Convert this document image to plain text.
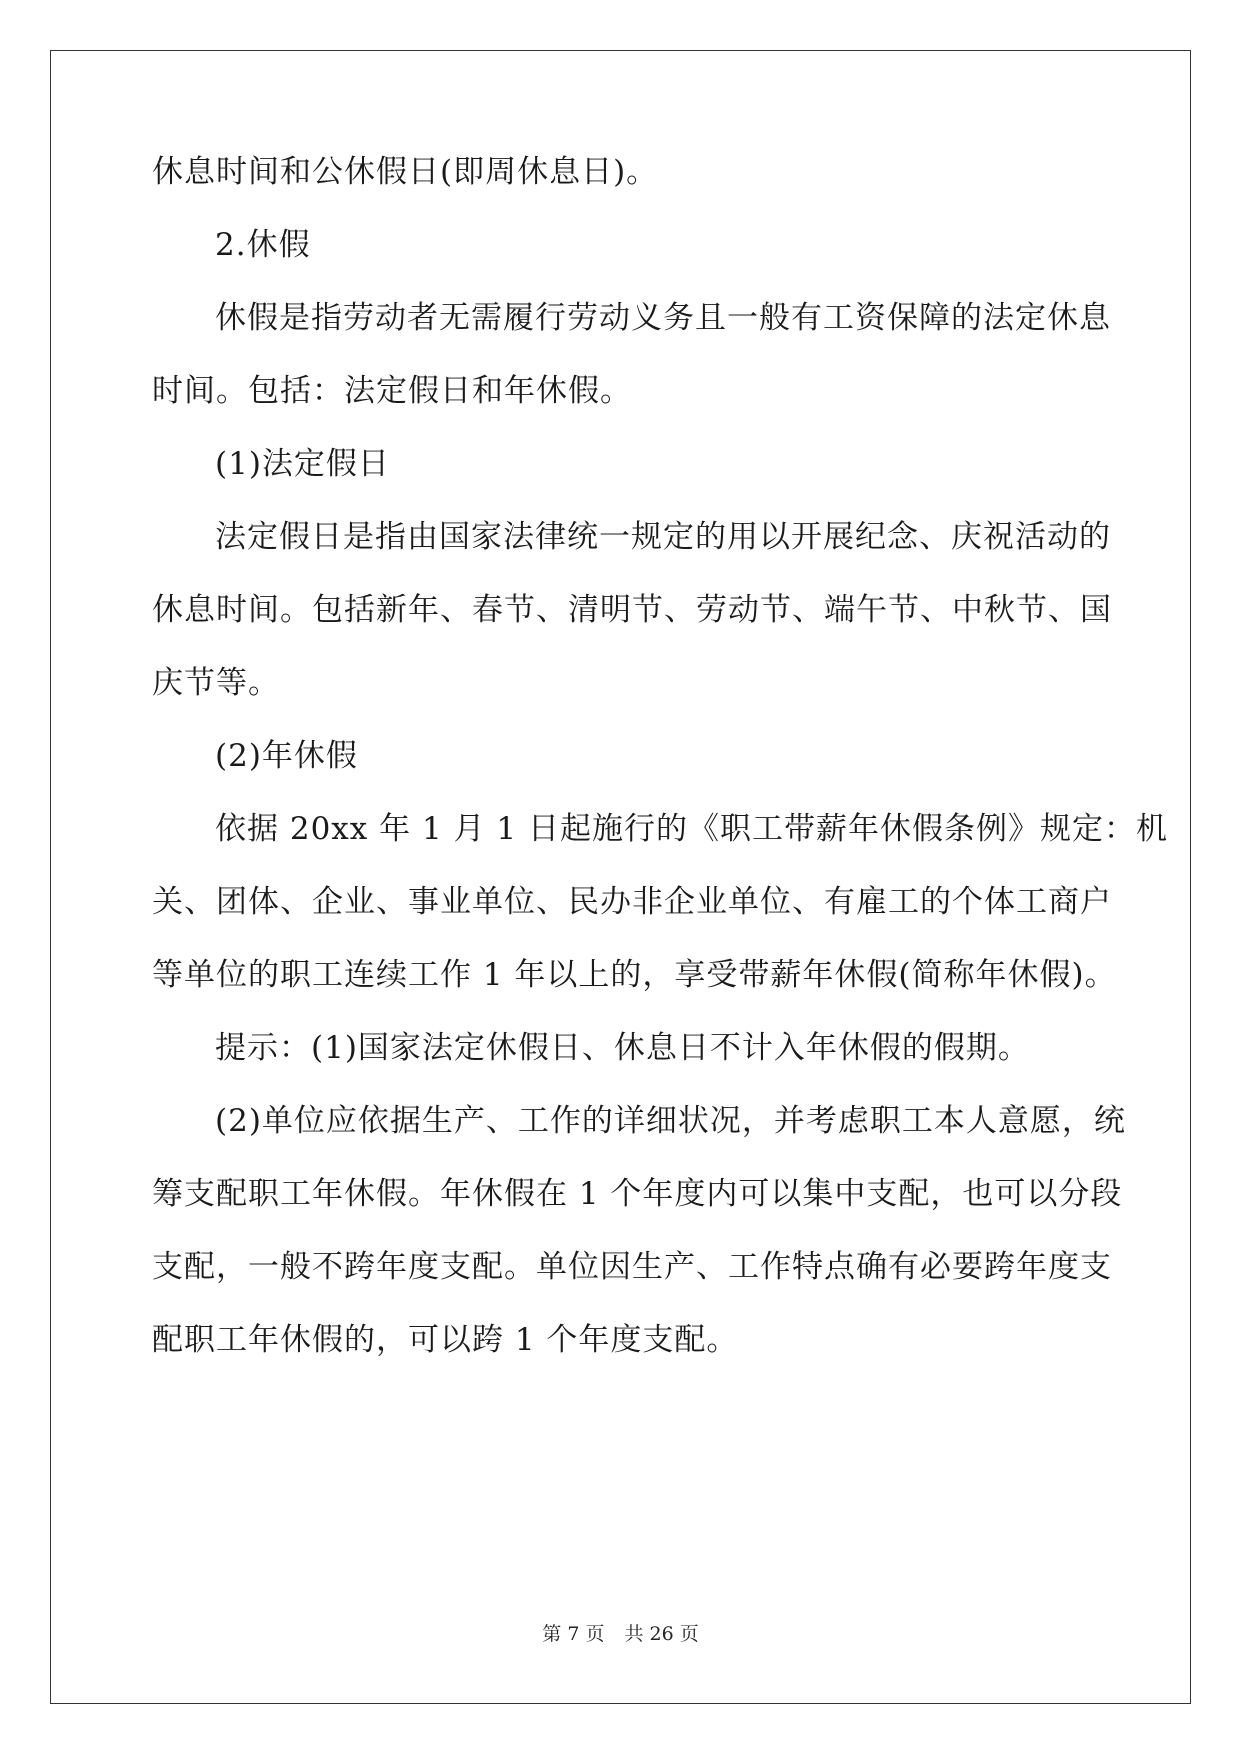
休息时间和公休假日(即周休息日)。
2.休假
休假是指劳动者无需履行劳动义务且一般有工资保障的法定休息
时间。包括：法定假日和年休假。
(1)法定假日
法定假日是指由国家法律统一规定的用以开展纪念、庆祝活动的
休息时间。包括新年、春节、清明节、劳动节、端午节、中秋节、国
庆节等。
(2)年休假
依据 20xx 年 1 月 1 日起施行的《职工带薪年休假条例》规定：机
关、团体、企业、事业单位、民办非企业单位、有雇工的个体工商户
等单位的职工连续工作 1 年以上的，享受带薪年休假(简称年休假)。
提示：(1)国家法定休假日、休息日不计入年休假的假期。
(2)单位应依据生产、工作的详细状况，并考虑职工本人意愿，统
筹支配职工年休假。年休假在 1 个年度内可以集中支配，也可以分段
支配，一般不跨年度支配。单位因生产、工作特点确有必要跨年度支
配职工年休假的，可以跨 1 个年度支配。
第 7 页 共 26 页
